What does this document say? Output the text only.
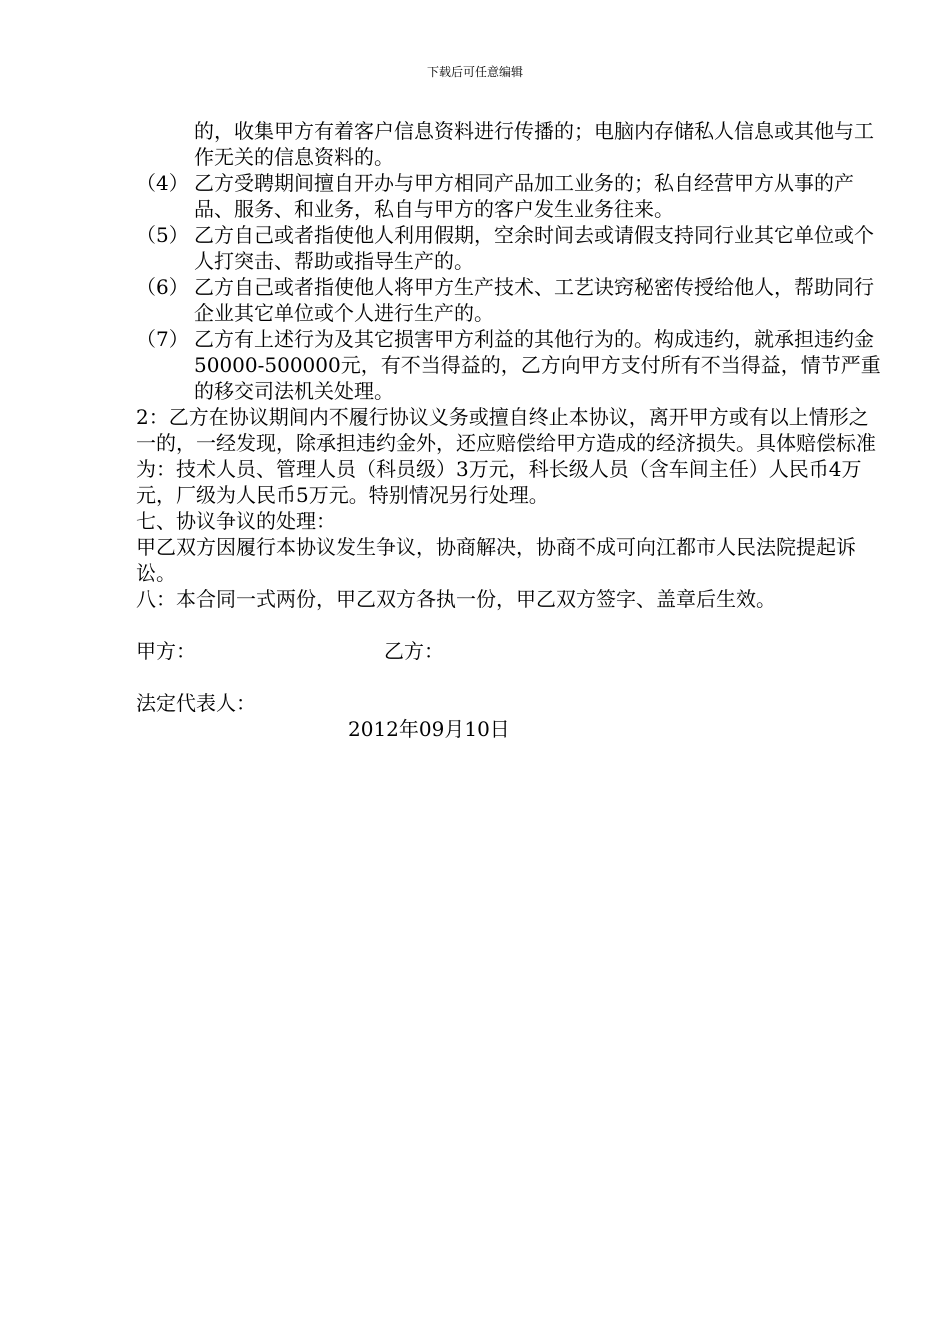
下载后可任意编辑

的，收集甲方有着客户信息资料进行传播的；电脑内存储私人信息或其他与工作无关的信息资料的。

（4） 乙方受聘期间擅自开办与甲方相同产品加工业务的；私自经营甲方从事的产品、服务、和业务，私自与甲方的客户发生业务往来。
（5） 乙方自己或者指使他人利用假期，空余时间去或请假支持同行业其它单位或个人打突击、帮助或指导生产的。
（6） 乙方自己或者指使他人将甲方生产技术、工艺诀窍秘密传授给他人，帮助同行企业其它单位或个人进行生产的。
（7） 乙方有上述行为及其它损害甲方利益的其他行为的。构成违约，就承担违约金50000-500000元，有不当得益的，乙方向甲方支付所有不当得益，情节严重的移交司法机关处理。

2：乙方在协议期间内不履行协议义务或擅自终止本协议，离开甲方或有以上情形之一的，一经发现，除承担违约金外，还应赔偿给甲方造成的经济损失。具体赔偿标准为：技术人员、管理人员（科员级）3万元，科长级人员（含车间主任）人民币4万元，厂级为人民币5万元。特别情况另行处理。

七、协议争议的处理：

甲乙双方因履行本协议发生争议，协商解决，协商不成可向江都市人民法院提起诉讼。

八：本合同一式两份，甲乙双方各执一份，甲乙双方签字、盖章后生效。

甲方：	乙方：

法定代表人：

2012年09月10日
